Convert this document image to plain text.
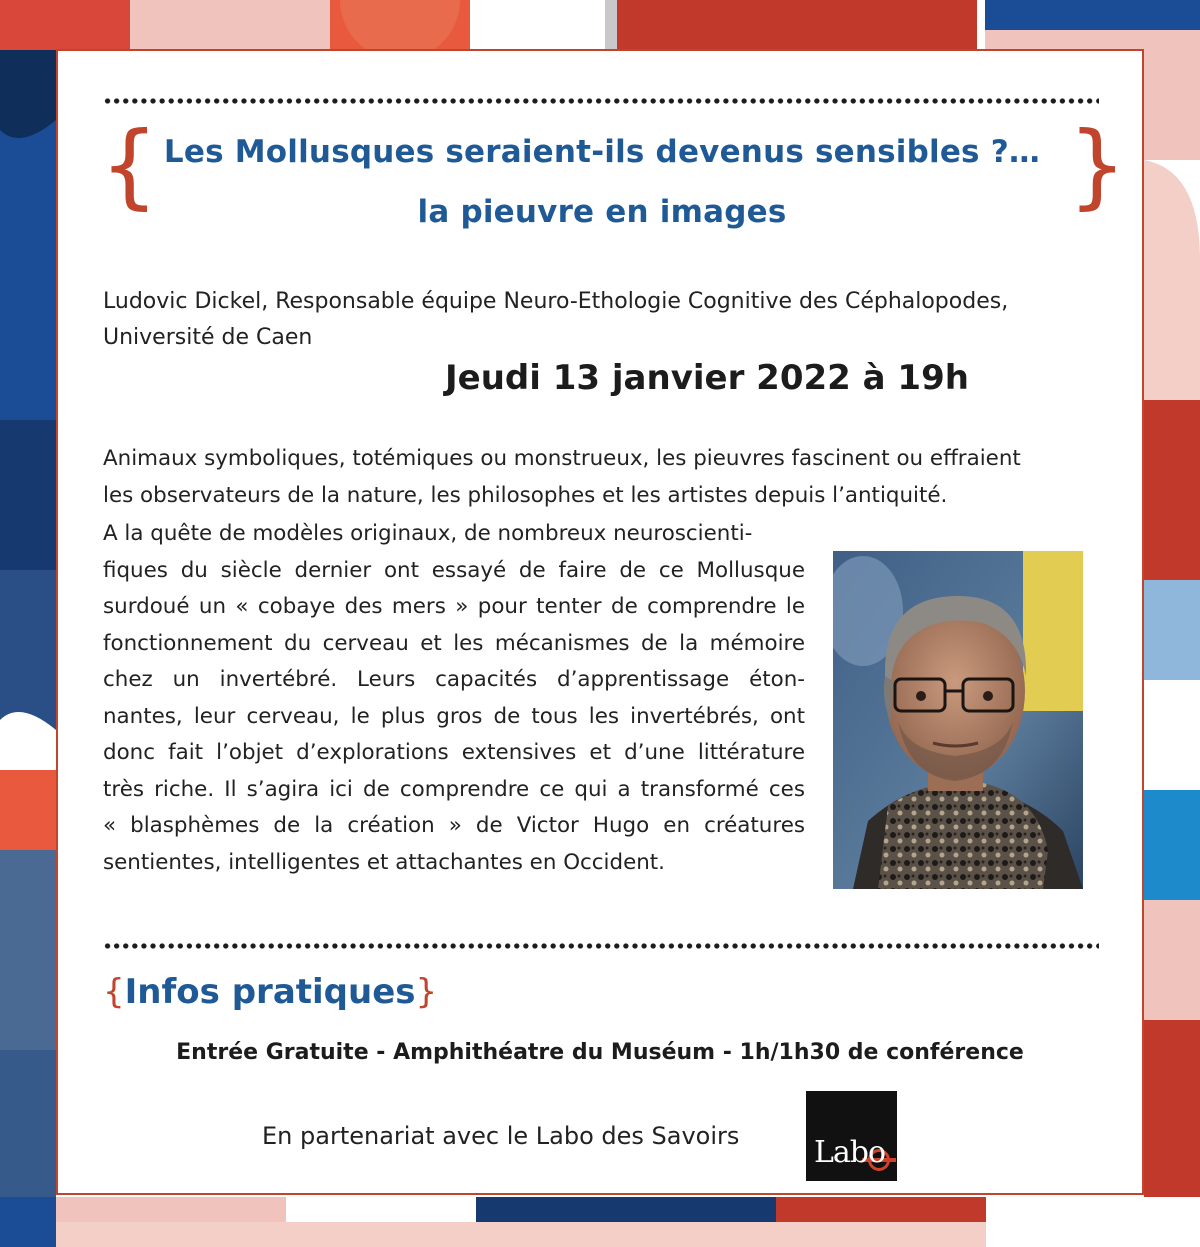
{	}
Les Mollusques seraient-ils devenus sensibles ?…
la pieuvre en images
Ludovic Dickel, Responsable équipe Neuro-Ethologie Cognitive des Céphalopodes,
Université de Caen
Jeudi 13 janvier 2022 à 19h
Animaux symboliques, totémiques ou monstrueux, les pieuvres fascinent ou effraient
les observateurs de la nature, les philosophes et les artistes depuis l’antiquité.
A la quête de modèles originaux, de nombreux neuroscienti-
fiques du siècle dernier ont essayé de faire de ce Mollusque
surdoué un « cobaye des mers » pour tenter de comprendre le
fonctionnement du cerveau et les mécanismes de la mémoire
chez un invertébré. Leurs capacités d’apprentissage éton-
nantes, leur cerveau, le plus gros de tous les invertébrés, ont
donc fait l’objet d’explorations extensives et d’une littérature
très riche. Il s’agira ici de comprendre ce qui a transformé ces
« blasphèmes de la création » de Victor Hugo en créatures
sentientes, intelligentes et attachantes en Occident.
{Infos pratiques}
Entrée Gratuite - Amphithéatre du Muséum - 1h/1h30 de conférence
En partenariat avec le Labo des Savoirs Labo
